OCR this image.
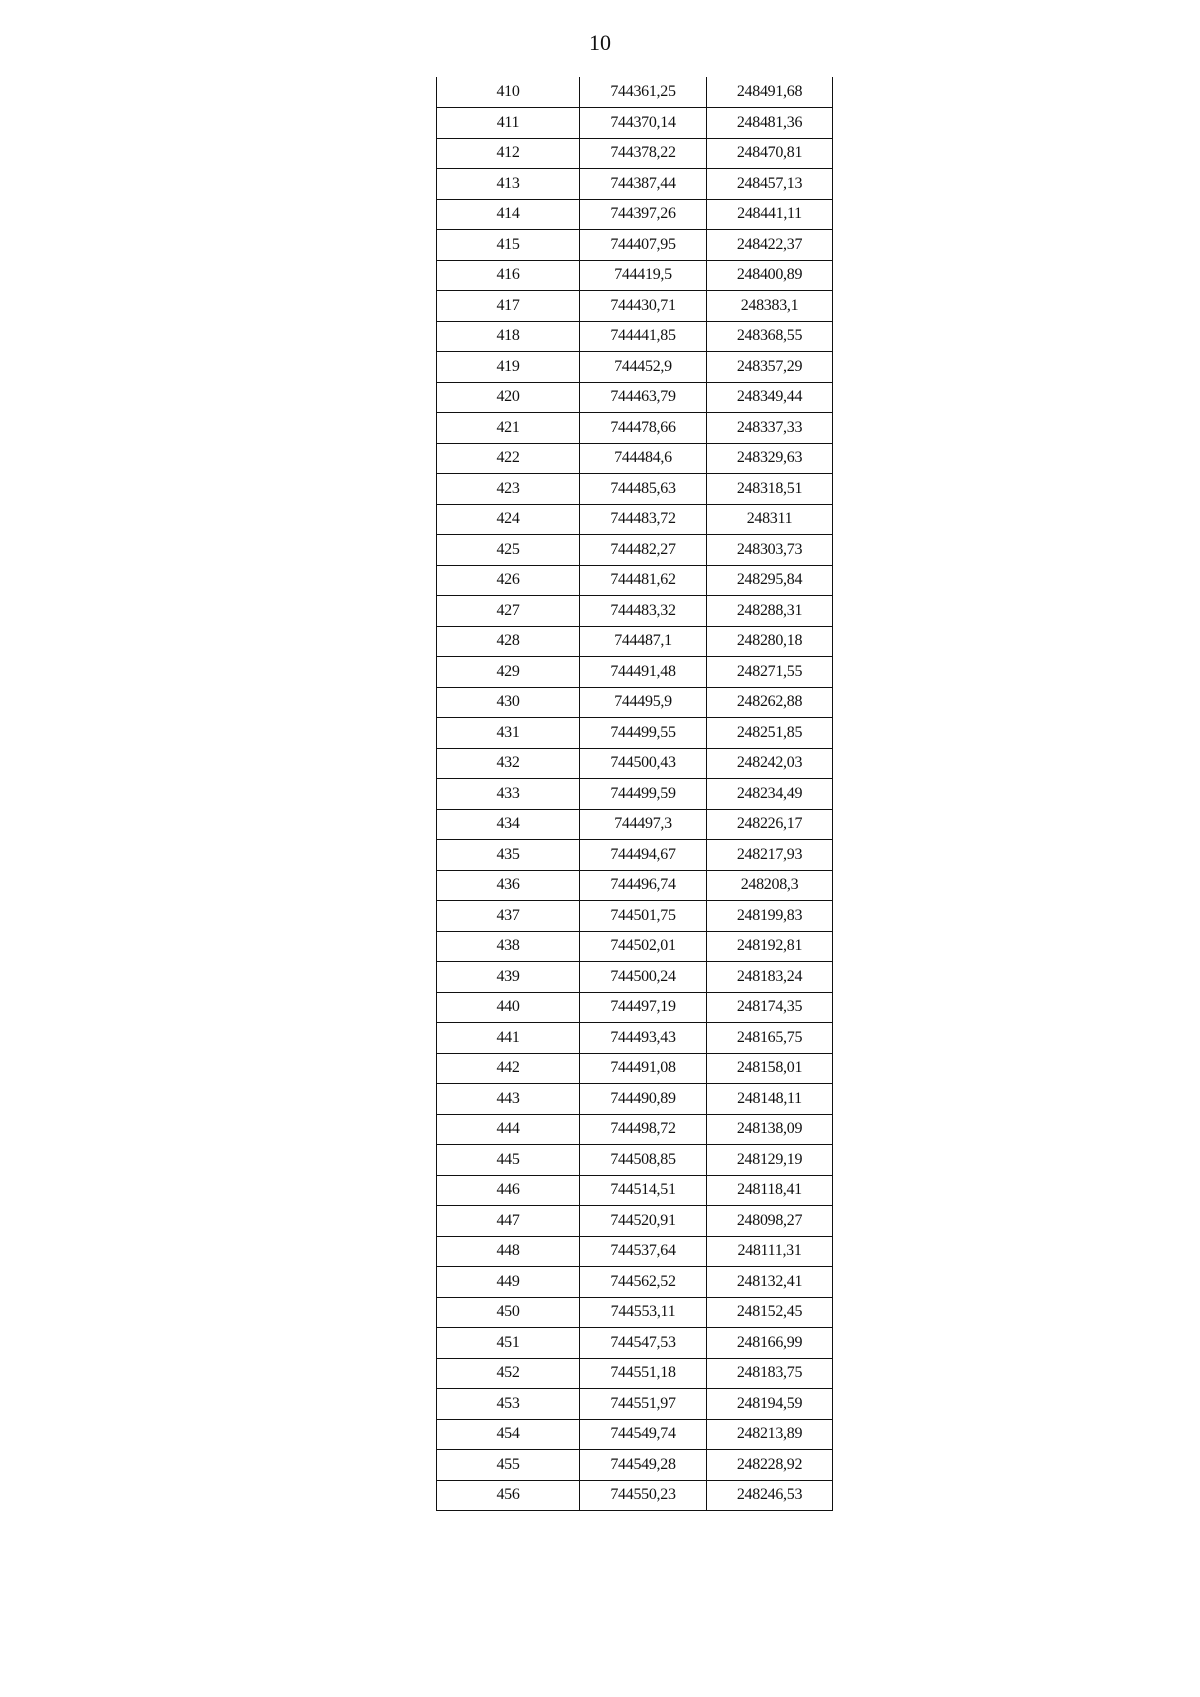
10
410	744361,25	248491,68
411	744370,14	248481,36
412	744378,22	248470,81
413	744387,44	248457,13
414	744397,26	248441,11
415	744407,95	248422,37
416	744419,5	248400,89
417	744430,71	248383,1
418	744441,85	248368,55
419	744452,9	248357,29
420	744463,79	248349,44
421	744478,66	248337,33
422	744484,6	248329,63
423	744485,63	248318,51
424	744483,72	248311
425	744482,27	248303,73
426	744481,62	248295,84
427	744483,32	248288,31
428	744487,1	248280,18
429	744491,48	248271,55
430	744495,9	248262,88
431	744499,55	248251,85
432	744500,43	248242,03
433	744499,59	248234,49
434	744497,3	248226,17
435	744494,67	248217,93
436	744496,74	248208,3
437	744501,75	248199,83
438	744502,01	248192,81
439	744500,24	248183,24
440	744497,19	248174,35
441	744493,43	248165,75
442	744491,08	248158,01
443	744490,89	248148,11
444	744498,72	248138,09
445	744508,85	248129,19
446	744514,51	248118,41
447	744520,91	248098,27
448	744537,64	248111,31
449	744562,52	248132,41
450	744553,11	248152,45
451	744547,53	248166,99
452	744551,18	248183,75
453	744551,97	248194,59
454	744549,74	248213,89
455	744549,28	248228,92
456	744550,23	248246,53
